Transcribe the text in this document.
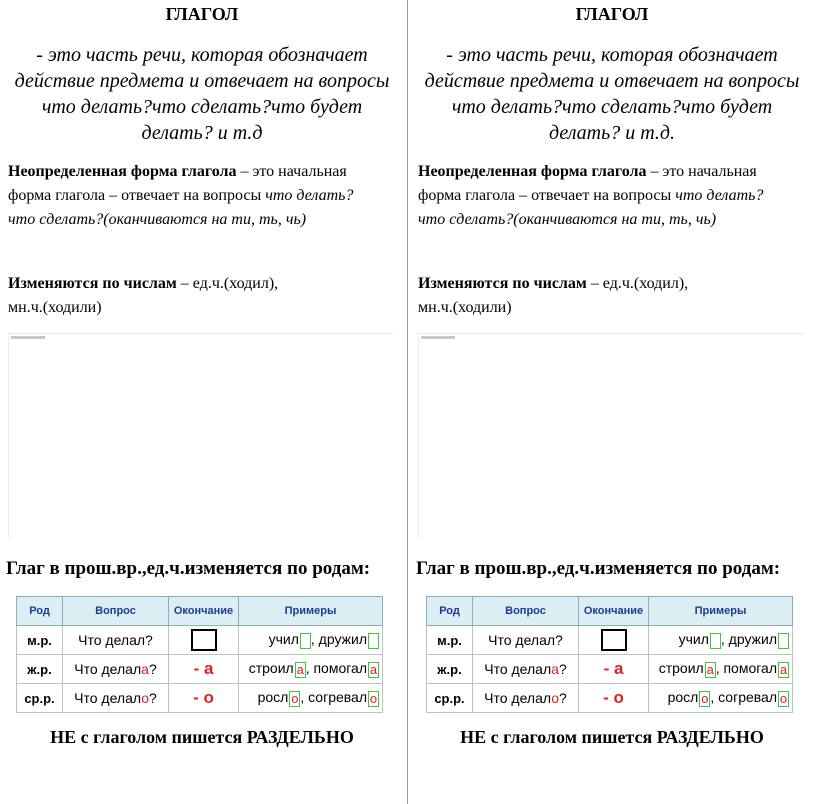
ГЛАГОЛ
- это часть речи, которая обозначает
действие предмета и отвечает на вопросы
что делать?что сделать?что будет
делать? и т.д
Неопределенная форма глагола – это начальная
форма глагола – отвечает на вопросы что делать?
что сделать?(оканчиваются на ти, ть, чь)
Изменяются по числам – ед.ч.(ходил),
мн.ч.(ходили)
Глаг в прош.вр.,ед.ч.изменяется по родам:
Род	Вопрос	Окончание	Примеры
м.р.	Что делал?		учил , дружил
ж.р.	Что делала?	- а	строил а , помогал а
ср.р.	Что делало?	- о	росл о , согревал о
НЕ с глаголом пишется РАЗДЕЛЬНО
ГЛАГОЛ
- это часть речи, которая обозначает
действие предмета и отвечает на вопросы
что делать?что сделать?что будет
делать? и т.д.
Неопределенная форма глагола – это начальная
форма глагола – отвечает на вопросы что делать?
что сделать?(оканчиваются на ти, ть, чь)
Изменяются по числам – ед.ч.(ходил),
мн.ч.(ходили)
Глаг в прош.вр.,ед.ч.изменяется по родам:
Род	Вопрос	Окончание	Примеры
м.р.	Что делал?		учил , дружил
ж.р.	Что делала?	- а	строил а , помогал а
ср.р.	Что делало?	- о	росл о , согревал о
НЕ с глаголом пишется РАЗДЕЛЬНО
